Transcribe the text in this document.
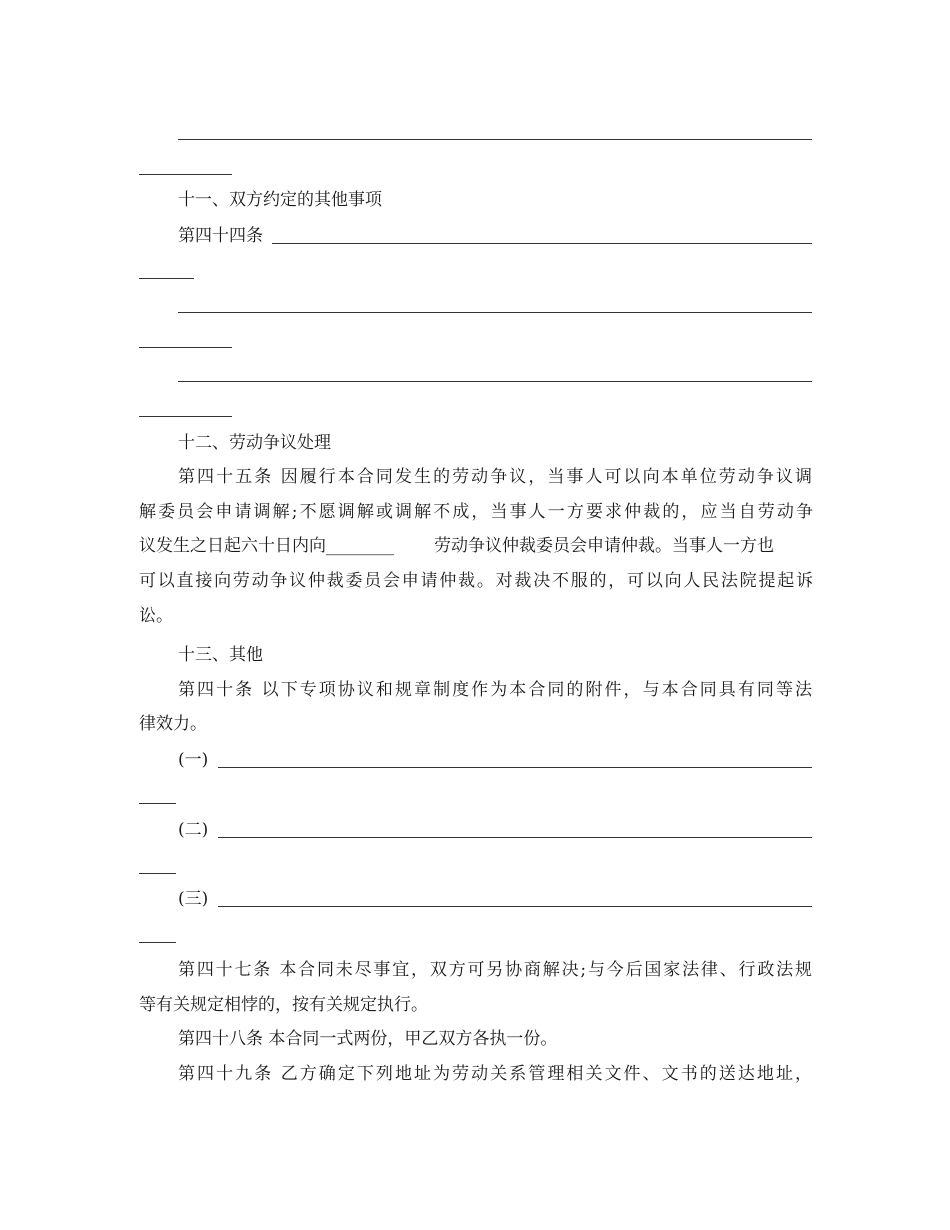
十一、双方约定的其他事项
第四十四条
十二、劳动争议处理
第四十五条 因履行本合同发生的劳动争议，当事人可以向本单位劳动争议调
解委员会申请调解;不愿调解或调解不成，当事人一方要求仲裁的，应当自劳动争
议发生之日起六十日内向________ 劳动争议仲裁委员会申请仲裁。当事人一方也
可以直接向劳动争议仲裁委员会申请仲裁。对裁决不服的，可以向人民法院提起诉
讼。
十三、其他
第四十条 以下专项协议和规章制度作为本合同的附件，与本合同具有同等法
律效力。
(一)
(二)
(三)
第四十七条 本合同未尽事宜，双方可另协商解决;与今后国家法律、行政法规
等有关规定相悖的，按有关规定执行。
第四十八条 本合同一式两份，甲乙双方各执一份。
第四十九条 乙方确定下列地址为劳动关系管理相关文件、文书的送达地址，
